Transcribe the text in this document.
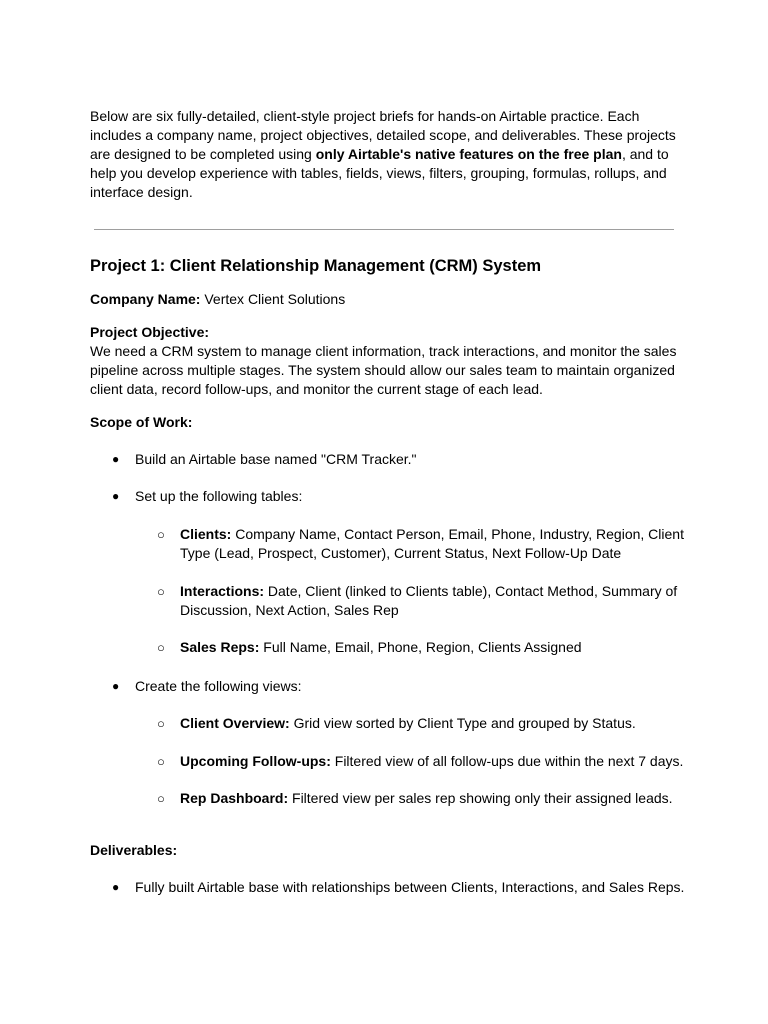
Below are six fully-detailed, client-style project briefs for hands-on Airtable practice. Each includes a company name, project objectives, detailed scope, and deliverables. These projects are designed to be completed using only Airtable's native features on the free plan, and to help you develop experience with tables, fields, views, filters, grouping, formulas, rollups, and interface design.

Project 1: Client Relationship Management (CRM) System

Company Name: Vertex Client Solutions

Project Objective:

We need a CRM system to manage client information, track interactions, and monitor the sales pipeline across multiple stages. The system should allow our sales team to maintain organized client data, record follow-ups, and monitor the current stage of each lead.

Scope of Work:

● Build an Airtable base named "CRM Tracker."
● Set up the following tables:
○ Clients: Company Name, Contact Person, Email, Phone, Industry, Region, Client Type (Lead, Prospect, Customer), Current Status, Next Follow-Up Date
○ Interactions: Date, Client (linked to Clients table), Contact Method, Summary of Discussion, Next Action, Sales Rep
○ Sales Reps: Full Name, Email, Phone, Region, Clients Assigned
● Create the following views:
○ Client Overview: Grid view sorted by Client Type and grouped by Status.
○ Upcoming Follow-ups: Filtered view of all follow-ups due within the next 7 days.
○ Rep Dashboard: Filtered view per sales rep showing only their assigned leads.

Deliverables:

● Fully built Airtable base with relationships between Clients, Interactions, and Sales Reps.
